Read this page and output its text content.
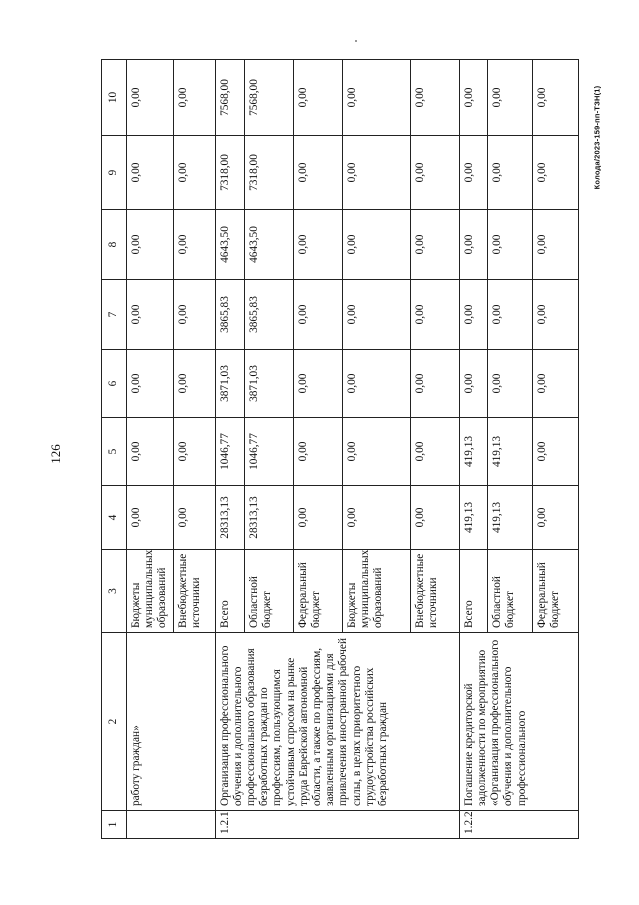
126
Колода/2023-159-пп-ТЗН(1)
1	2	3	4	5	6	7	8	9	10
	работу граждан»	Бюджеты муниципальных образований	0,00	0,00	0,00	0,00	0,00	0,00	0,00
		Внебюджетные источники	0,00	0,00	0,00	0,00	0,00	0,00	0,00
1.2.1	Организация профессионального обучения и дополнительного профессионального образования безработных граждан по профессиям, пользующимся устойчивым спросом на рынке труда Еврейской автономной области, а также по профессиям, заявленным организациями для привлечения иностранной рабочей силы, в целях приоритетного трудоустройства российских безработных граждан	Всего	28313,13	1046,77	3871,03	3865,83	4643,50	7318,00	7568,00
		Областной бюджет	28313,13	1046,77	3871,03	3865,83	4643,50	7318,00	7568,00
		Федеральный бюджет	0,00	0,00	0,00	0,00	0,00	0,00	0,00
		Бюджеты муниципальных образований	0,00	0,00	0,00	0,00	0,00	0,00	0,00
		Внебюджетные источники	0,00	0,00	0,00	0,00	0,00	0,00	0,00
1.2.2	Погашение кредиторской задолженности по мероприятию «Организация профессионального обучения и дополнительного профессионального	Всего	419,13	419,13	0,00	0,00	0,00	0,00	0,00
		Областной бюджет	419,13	419,13	0,00	0,00	0,00	0,00	0,00
		Федеральный бюджет	0,00	0,00	0,00	0,00	0,00	0,00	0,00
